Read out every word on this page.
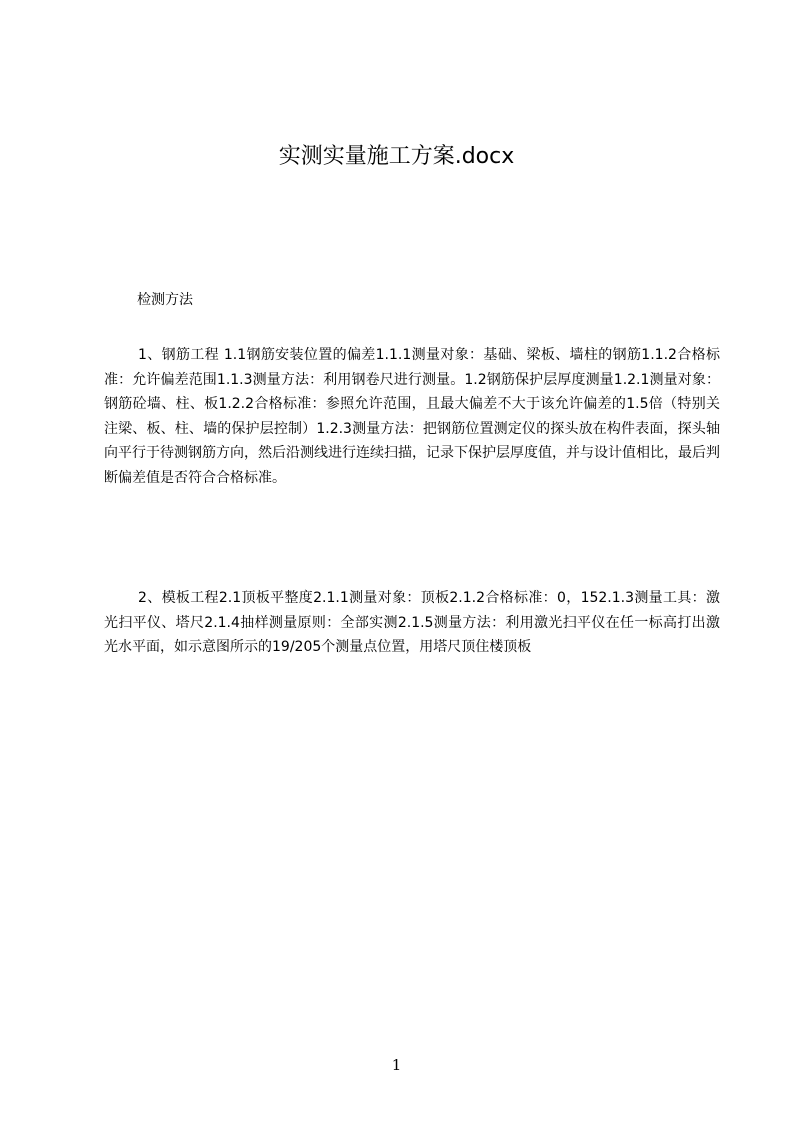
实测实量施工方案.docx
检测方法

1、钢筋工程 1.1钢筋安装位置的偏差1.1.1测量对象：基础、梁板、墙柱的钢筋1.1.2合格标准：允许偏差范围1.1.3测量方法：利用钢卷尺进行测量。1.2钢筋保护层厚度测量1.2.1测量对象：钢筋砼墙、柱、板1.2.2合格标准：参照允许范围，且最大偏差不大于该允许偏差的1.5倍（特别关注梁、板、柱、墙的保护层控制）1.2.3测量方法：把钢筋位置测定仪的探头放在构件表面，探头轴向平行于待测钢筋方向，然后沿测线进行连续扫描，记录下保护层厚度值，并与设计值相比，最后判断偏差值是否符合合格标准。

2、模板工程2.1顶板平整度2.1.1测量对象：顶板2.1.2合格标准：0，152.1.3测量工具：激光扫平仪、塔尺2.1.4抽样测量原则：全部实测2.1.5测量方法：利用激光扫平仪在任一标高打出激光水平面，如示意图所示的19/205个测量点位置，用塔尺顶住楼顶板

1
